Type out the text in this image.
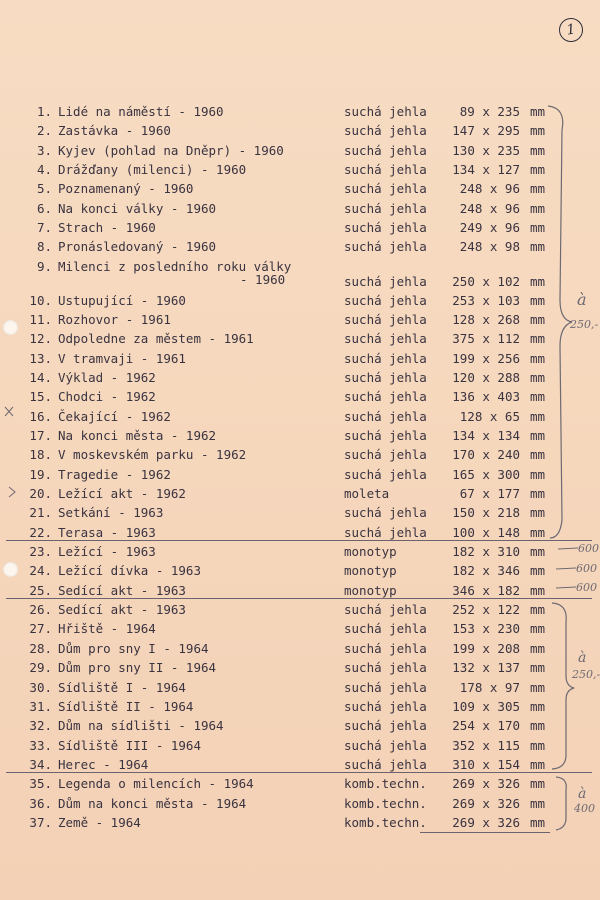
1
1. Lidé na náměstí - 1960	suchá jehla	89 x 235 mm
2. Zastávka - 1960	suchá jehla	147 x 295 mm
3. Kyjev (pohlad na Dněpr) - 1960	suchá jehla	130 x 235 mm
4. Drážďany (milenci) - 1960	suchá jehla	134 x 127 mm
5. Poznamenaný - 1960	suchá jehla	248 x 96 mm
6. Na konci války - 1960	suchá jehla	248 x 96 mm
7. Strach - 1960	suchá jehla	249 x 96 mm
8. Pronásledovaný - 1960	suchá jehla	248 x 98 mm
9. Milenci z posledního roku války
- 1960	suchá jehla	250 x 102 mm
10. Ustupující - 1960	suchá jehla	253 x 103 mm
11. Rozhovor - 1961	suchá jehla	128 x 268 mm
12. Odpoledne za městem - 1961	suchá jehla	375 x 112 mm
13. V tramvaji - 1961	suchá jehla	199 x 256 mm
14. Výklad - 1962	suchá jehla	120 x 288 mm
15. Chodci - 1962	suchá jehla	136 x 403 mm
16. Čekající - 1962	suchá jehla	128 x 65 mm
17. Na konci města - 1962	suchá jehla	134 x 134 mm
18. V moskevském parku - 1962	suchá jehla	170 x 240 mm
19. Tragedie - 1962	suchá jehla	165 x 300 mm
20. Ležící akt - 1962	moleta	67 x 177 mm
21. Setkání - 1963	suchá jehla	150 x 218 mm
22. Terasa - 1963	suchá jehla	100 x 148 mm
23. Ležící - 1963	monotyp	182 x 310 mm
24. Ležící dívka - 1963	monotyp	182 x 346 mm
25. Sedící akt - 1963	monotyp	346 x 182 mm
26. Sedící akt - 1963	suchá jehla	252 x 122 mm
27. Hřiště - 1964	suchá jehla	153 x 230 mm
28. Dům pro sny I - 1964	suchá jehla	199 x 208 mm
29. Dům pro sny II - 1964	suchá jehla	132 x 137 mm
30. Sídliště I - 1964	suchá jehla	178 x 97 mm
31. Sídliště II - 1964	suchá jehla	109 x 305 mm
32. Dům na sídlišti - 1964	suchá jehla	254 x 170 mm
33. Sídliště III - 1964	suchá jehla	352 x 115 mm
34. Herec - 1964	suchá jehla	310 x 154 mm
35. Legenda o milencích - 1964	komb.techn.	269 x 326 mm
36. Dům na konci města - 1964	komb.techn.	269 x 326 mm
37. Země - 1964	komb.techn.	269 x 326 mm
à
250,-
600
600
600
à
250,-
à
400
